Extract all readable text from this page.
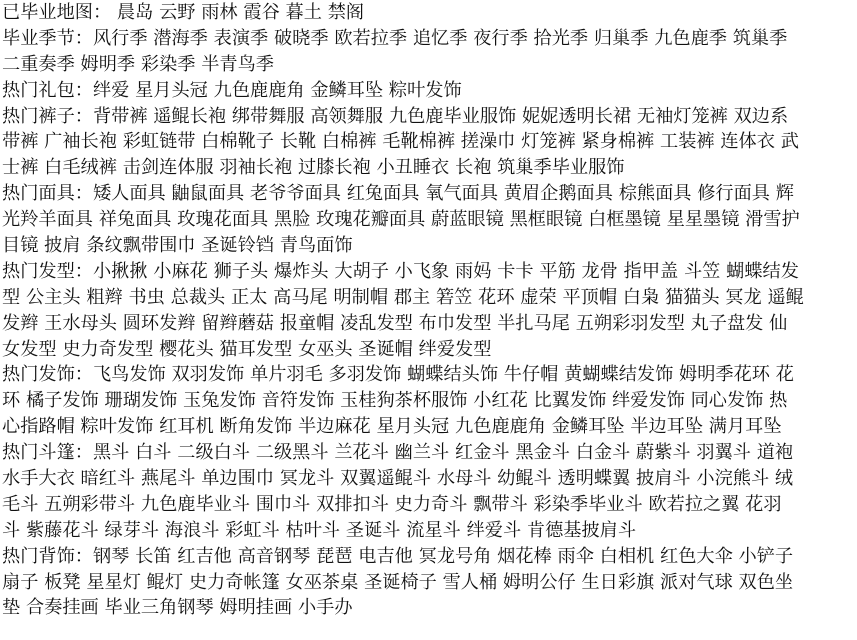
已毕业地图： 晨岛 云野 雨林 霞谷 暮土 禁阁
毕业季节：风行季 潜海季 表演季 破晓季 欧若拉季 追忆季 夜行季 拾光季 归巢季 九色鹿季 筑巢季
二重奏季 姆明季 彩染季 半青鸟季
热门礼包：绊爱 星月头冠 九色鹿鹿角 金鳞耳坠 粽叶发饰
热门裤子：背带裤 遥鲲长袍 绑带舞服 高领舞服 九色鹿毕业服饰 妮妮透明长裙 无袖灯笼裤 双边系
带裤 广袖长袍 彩虹链带 白棉靴子 长靴 白棉裤 毛靴棉裤 搓澡巾 灯笼裤 紧身棉裤 工装裤 连体衣 武
士裤 白毛绒裤 击剑连体服 羽袖长袍 过膝长袍 小丑睡衣 长袍 筑巢季毕业服饰
热门面具：矮人面具 鼬鼠面具 老爷爷面具 红兔面具 氧气面具 黄眉企鹅面具 棕熊面具 修行面具 辉
光羚羊面具 祥兔面具 玫瑰花面具 黑脸 玫瑰花瓣面具 蔚蓝眼镜 黑框眼镜 白框墨镜 星星墨镜 滑雪护
目镜 披肩 条纹飘带围巾 圣诞铃铛 青鸟面饰
热门发型：小揪揪 小麻花 狮子头 爆炸头 大胡子 小飞象 雨妈 卡卡 平筋 龙骨 指甲盖 斗笠 蝴蝶结发
型 公主头 粗辫 书虫 总裁头 正太 高马尾 明制帽 郡主 箬笠 花环 虚荣 平顶帽 白枭 猫猫头 冥龙 遥鲲
发辫 王水母头 圆环发辫 留辫蘑菇 报童帽 凌乱发型 布巾发型 半扎马尾 五朔彩羽发型 丸子盘发 仙
女发型 史力奇发型 樱花头 猫耳发型 女巫头 圣诞帽 绊爱发型
热门发饰：飞鸟发饰 双羽发饰 单片羽毛 多羽发饰 蝴蝶结头饰 牛仔帽 黄蝴蝶结发饰 姆明季花环 花
环 橘子发饰 珊瑚发饰 玉兔发饰 音符发饰 玉桂狗茶杯服饰 小红花 比翼发饰 绊爱发饰 同心发饰 热
心指路帽 粽叶发饰 红耳机 断角发饰 半边麻花 星月头冠 九色鹿鹿角 金鳞耳坠 半边耳坠 满月耳坠
热门斗篷：黑斗 白斗 二级白斗 二级黑斗 兰花斗 幽兰斗 红金斗 黑金斗 白金斗 蔚紫斗 羽翼斗 道袍
水手大衣 暗红斗 燕尾斗 单边围巾 冥龙斗 双翼遥鲲斗 水母斗 幼鲲斗 透明蝶翼 披肩斗 小浣熊斗 绒
毛斗 五朔彩带斗 九色鹿毕业斗 围巾斗 双排扣斗 史力奇斗 飘带斗 彩染季毕业斗 欧若拉之翼 花羽
斗 紫藤花斗 绿芽斗 海浪斗 彩虹斗 枯叶斗 圣诞斗 流星斗 绊爱斗 肯德基披肩斗
热门背饰：钢琴 长笛 红吉他 高音钢琴 琵琶 电吉他 冥龙号角 烟花棒 雨伞 白相机 红色大伞 小铲子
扇子 板凳 星星灯 鲲灯 史力奇帐篷 女巫茶桌 圣诞椅子 雪人桶 姆明公仔 生日彩旗 派对气球 双色坐
垫 合奏挂画 毕业三角钢琴 姆明挂画 小手办
